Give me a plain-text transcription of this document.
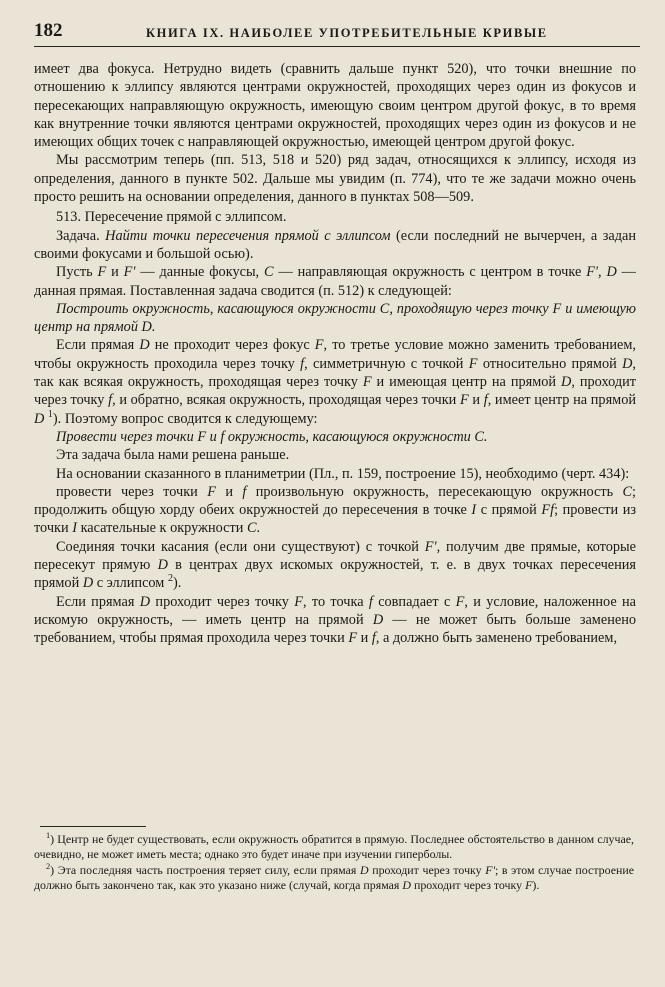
182	КНИГА IX. НАИБОЛЕЕ УПОТРЕБИТЕЛЬНЫЕ КРИВЫЕ

имеет два фокуса. Нетрудно видеть (сравнить дальше пункт 520), что точки внешние по отношению к эллипсу являются центрами окружностей, проходящих через один из фокусов и пересекающих направляющую окружность, имеющую своим центром другой фокус, в то время как внутренние точки являются центрами окружностей, проходящих через один из фокусов и не имеющих общих точек с направляющей окружностью, имеющей центром другой фокус.

Мы рассмотрим теперь (пп. 513, 518 и 520) ряд задач, относящихся к эллипсу, исходя из определения, данного в пункте 502. Дальше мы увидим (п. 774), что те же задачи можно очень просто решить на основании определения, данного в пунктах 508—509.

513. Пересечение прямой с эллипсом.

Задача. Найти точки пересечения прямой с эллипсом (если последний не вычерчен, а задан своими фокусами и большой осью).

Пусть F и F' — данные фокусы, C — направляющая окружность с центром в точке F', D — данная прямая. Поставленная задача сводится (п. 512) к следующей:

Построить окружность, касающуюся окружности C, проходящую через точку F и имеющую центр на прямой D.

Если прямая D не проходит через фокус F, то третье условие можно заменить требованием, чтобы окружность проходила через точку f, симметричную с точкой F относительно прямой D, так как всякая окружность, проходящая через точку F и имеющая центр на прямой D, проходит через точку f, и обратно, всякая окружность, проходящая через точки F и f, имеет центр на прямой D $^1$). Поэтому вопрос сводится к следующему:

Провести через точки F и f окружность, касающуюся окружности C.

Эта задача была нами решена раньше.

На основании сказанного в планиметрии (Пл., п. 159, построение 15), необходимо (черт. 434):

провести через точки F и f произвольную окружность, пересекающую окружность C; продолжить общую хорду обеих окружностей до пересечения в точке I с прямой Ff; провести из точки I касательные к окружности C.

Соединяя точки касания (если они существуют) с точкой F', получим две прямые, которые пересекут прямую D в центрах двух искомых окружностей, т. е. в двух точках пересечения прямой D с эллипсом $^2$).

Если прямая D проходит через точку F, то точка f совпадает с F, и условие, наложенное на искомую окружность, — иметь центр на прямой D — не может быть больше заменено требованием, чтобы прямая проходила через точки F и f, а должно быть заменено требованием,

$^1$) Центр не будет существовать, если окружность обратится в прямую. Последнее обстоятельство в данном случае, очевидно, не может иметь места; однако это будет иначе при изучении гиперболы.

$^2$) Эта последняя часть построения теряет силу, если прямая D проходит через точку F'; в этом случае построение должно быть закончено так, как это указано ниже (случай, когда прямая D проходит через точку F).
